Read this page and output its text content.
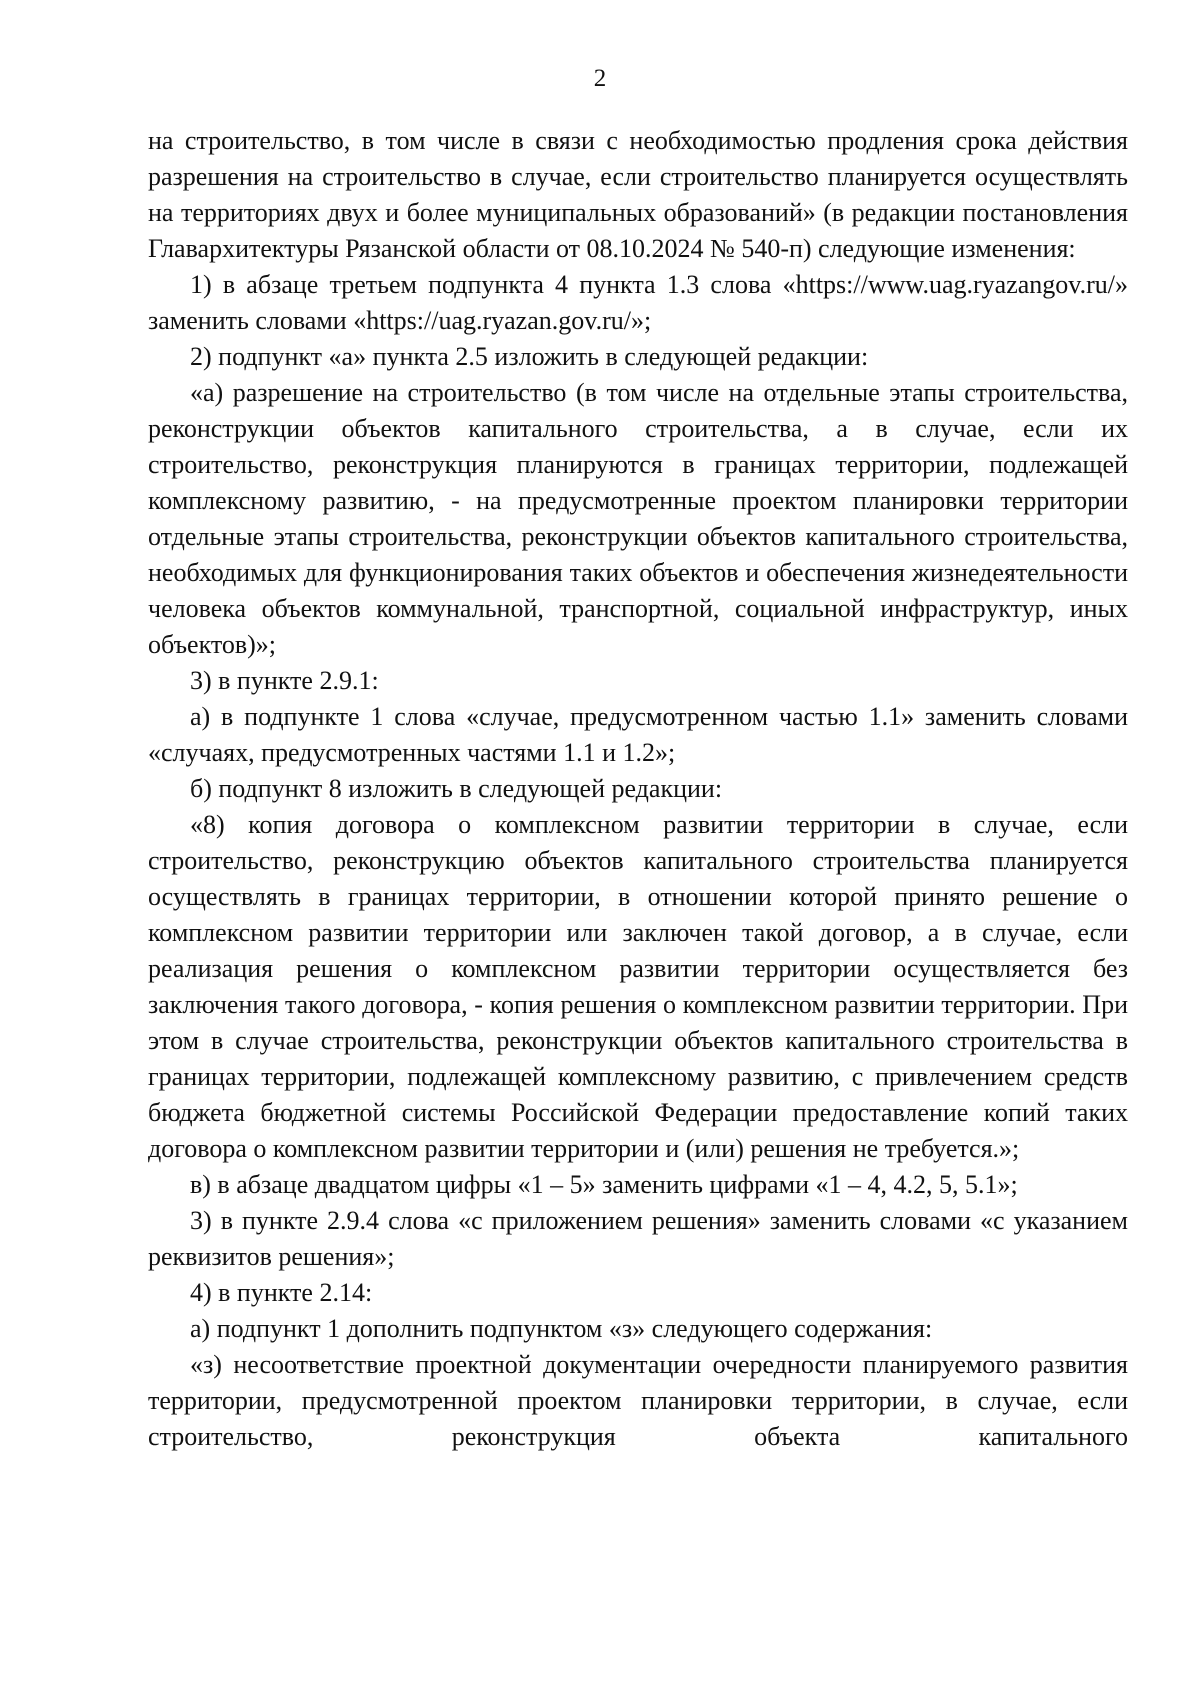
2

на строительство, в том числе в связи с необходимостью продления срока действия разрешения на строительство в случае, если строительство планируется осуществлять на территориях двух и более муниципальных образований» (в редакции постановления Главархитектуры Рязанской области от 08.10.2024 № 540-п) следующие изменения:

1) в абзаце третьем подпункта 4 пункта 1.3 слова «https://www.uag.ryazangov.ru/» заменить словами «https://uag.ryazan.gov.ru/»;

2) подпункт «а» пункта 2.5 изложить в следующей редакции:

«а) разрешение на строительство (в том числе на отдельные этапы строительства, реконструкции объектов капитального строительства, а в случае, если их строительство, реконструкция планируются в границах территории, подлежащей комплексному развитию, - на предусмотренные проектом планировки территории отдельные этапы строительства, реконструкции объектов капитального строительства, необходимых для функционирования таких объектов и обеспечения жизнедеятельности человека объектов коммунальной, транспортной, социальной инфраструктур, иных объектов)»;

3) в пункте 2.9.1:

а) в подпункте 1 слова «случае, предусмотренном частью 1.1» заменить словами «случаях, предусмотренных частями 1.1 и 1.2»;

б) подпункт 8 изложить в следующей редакции:

«8) копия договора о комплексном развитии территории в случае, если строительство, реконструкцию объектов капитального строительства планируется осуществлять в границах территории, в отношении которой принято решение о комплексном развитии территории или заключен такой договор, а в случае, если реализация решения о комплексном развитии территории осуществляется без заключения такого договора, - копия решения о комплексном развитии территории. При этом в случае строительства, реконструкции объектов капитального строительства в границах территории, подлежащей комплексному развитию, с привлечением средств бюджета бюджетной системы Российской Федерации предоставление копий таких договора о комплексном развитии территории и (или) решения не требуется.»;

в) в абзаце двадцатом цифры «1 – 5» заменить цифрами «1 – 4, 4.2, 5, 5.1»;

3) в пункте 2.9.4 слова «с приложением решения» заменить словами «с указанием реквизитов решения»;

4) в пункте 2.14:

а) подпункт 1 дополнить подпунктом «з» следующего содержания:

«з) несоответствие проектной документации очередности планируемого развития территории, предусмотренной проектом планировки территории, в случае, если строительство, реконструкция объекта капитального
